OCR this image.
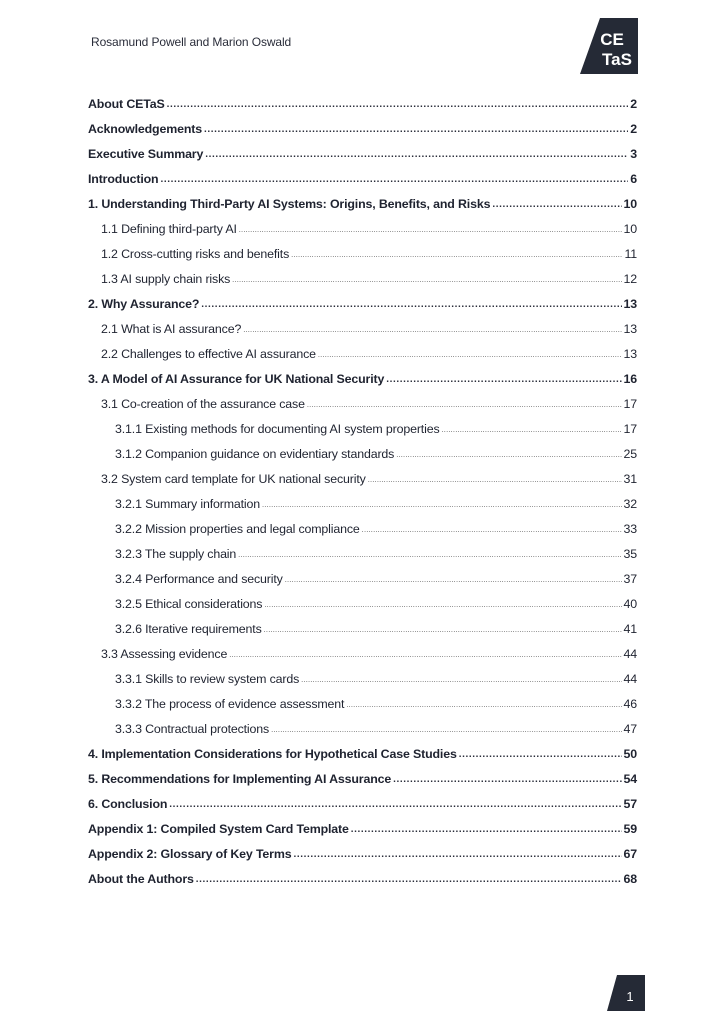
Rosamund Powell and Marion Oswald	CE
TaS
About CETaS .....	2
Acknowledgements .....	2
Executive Summary .....	3
Introduction .....	6
1. Understanding Third-Party AI Systems: Origins, Benefits, and Risks .....	10
1.1 Defining third-party AI .....	10
1.2 Cross-cutting risks and benefits .....	11
1.3 AI supply chain risks .....	12
2. Why Assurance? .....	13
2.1 What is AI assurance? .....	13
2.2 Challenges to effective AI assurance .....	13
3. A Model of AI Assurance for UK National Security .....	16
3.1 Co-creation of the assurance case .....	17
3.1.1 Existing methods for documenting AI system properties .....	17
3.1.2 Companion guidance on evidentiary standards .....	25
3.2 System card template for UK national security .....	31
3.2.1 Summary information .....	32
3.2.2 Mission properties and legal compliance .....	33
3.2.3 The supply chain .....	35
3.2.4 Performance and security .....	37
3.2.5 Ethical considerations .....	40
3.2.6 Iterative requirements .....	41
3.3 Assessing evidence .....	44
3.3.1 Skills to review system cards .....	44
3.3.2 The process of evidence assessment .....	46
3.3.3 Contractual protections .....	47
4. Implementation Considerations for Hypothetical Case Studies .....	50
5. Recommendations for Implementing AI Assurance .....	54
6. Conclusion .....	57
Appendix 1: Compiled System Card Template .....	59
Appendix 2: Glossary of Key Terms .....	67
About the Authors .....	68
1
